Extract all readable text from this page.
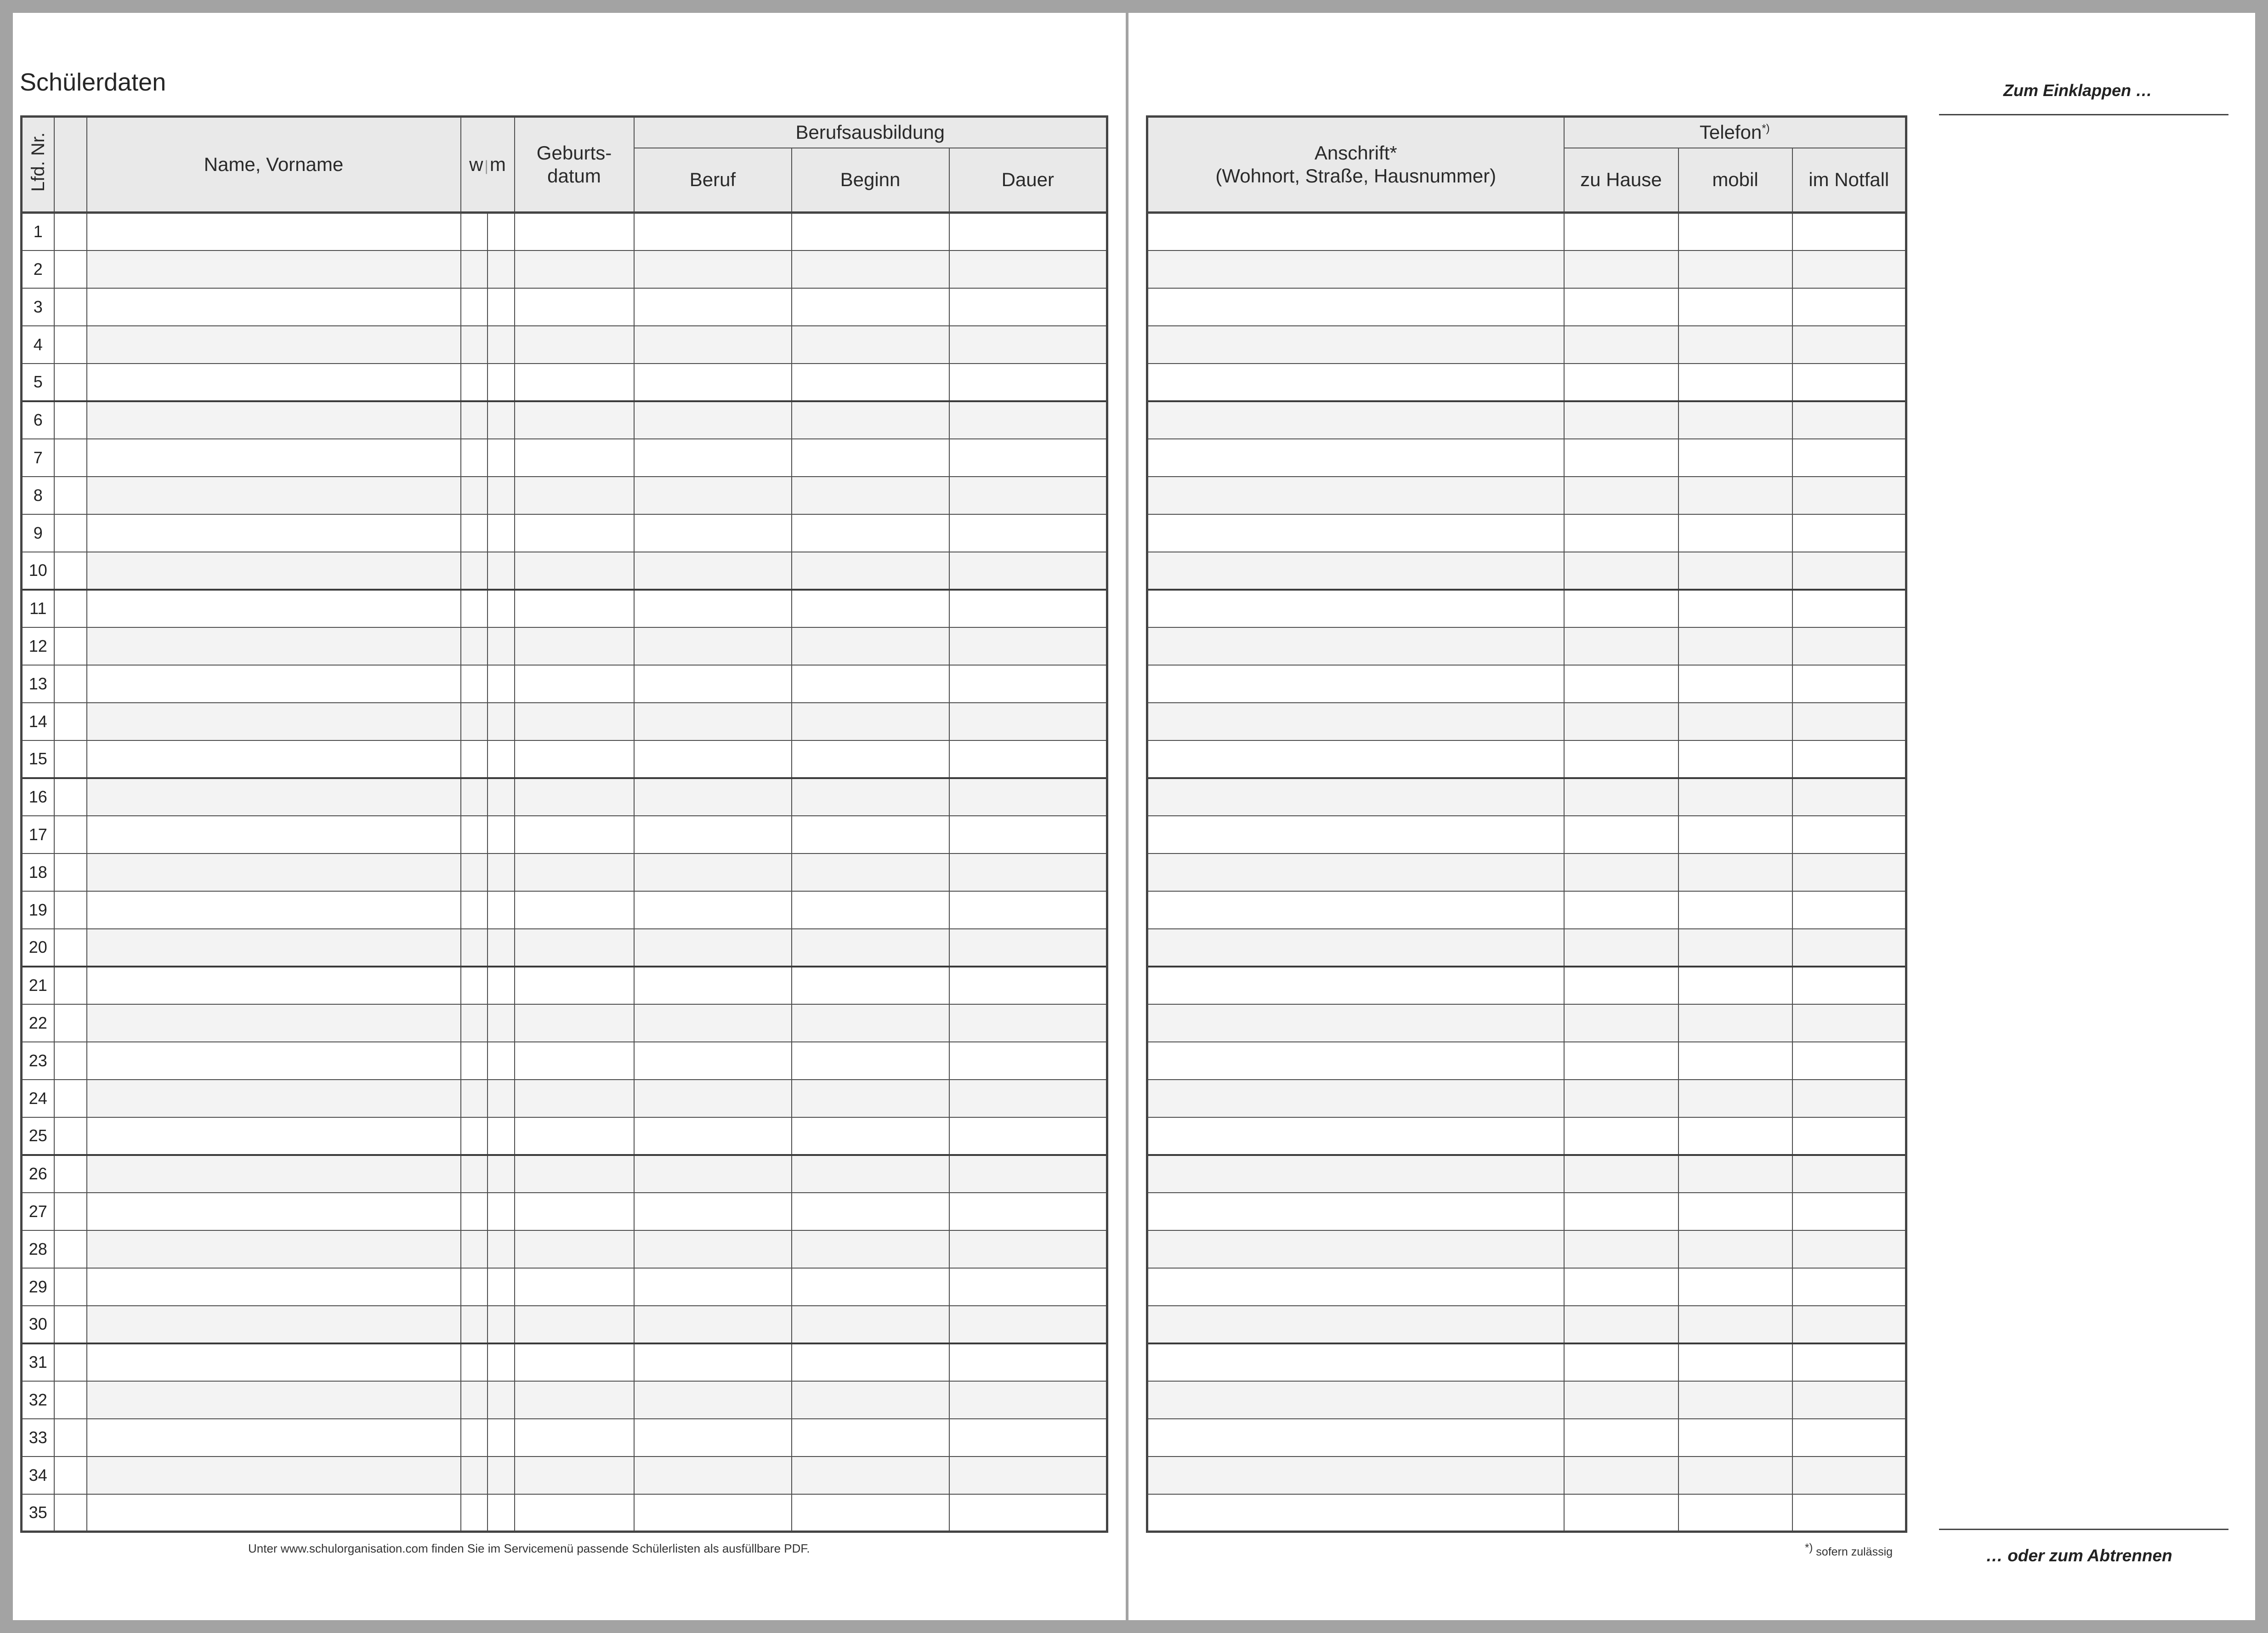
Schülerdaten
Lfd. Nr.		Name, Vorname	w|m		Geburts-datum	Berufsausbildung		
						Beruf	Beginn	Dauer
1								
2								
3								
4								
5								
6								
7								
8								
9								
10								
11								
12								
13								
14								
15								
16								
17								
18								
19								
20								
21								
22								
23								
24								
25								
26								
27								
28								
29								
30								
31								
32								
33								
34								
35								
Anschrift*
(Wohnort, Straße, Hausnummer)	Telefon*)
	zu Hause	mobil	im Notfall

Unter www.schulorganisation.com finden Sie im Servicemenü passende Schülerlisten als ausfüllbare PDF.	*) sofern zulässig
Zum Einklappen …
… oder zum Abtrennen
